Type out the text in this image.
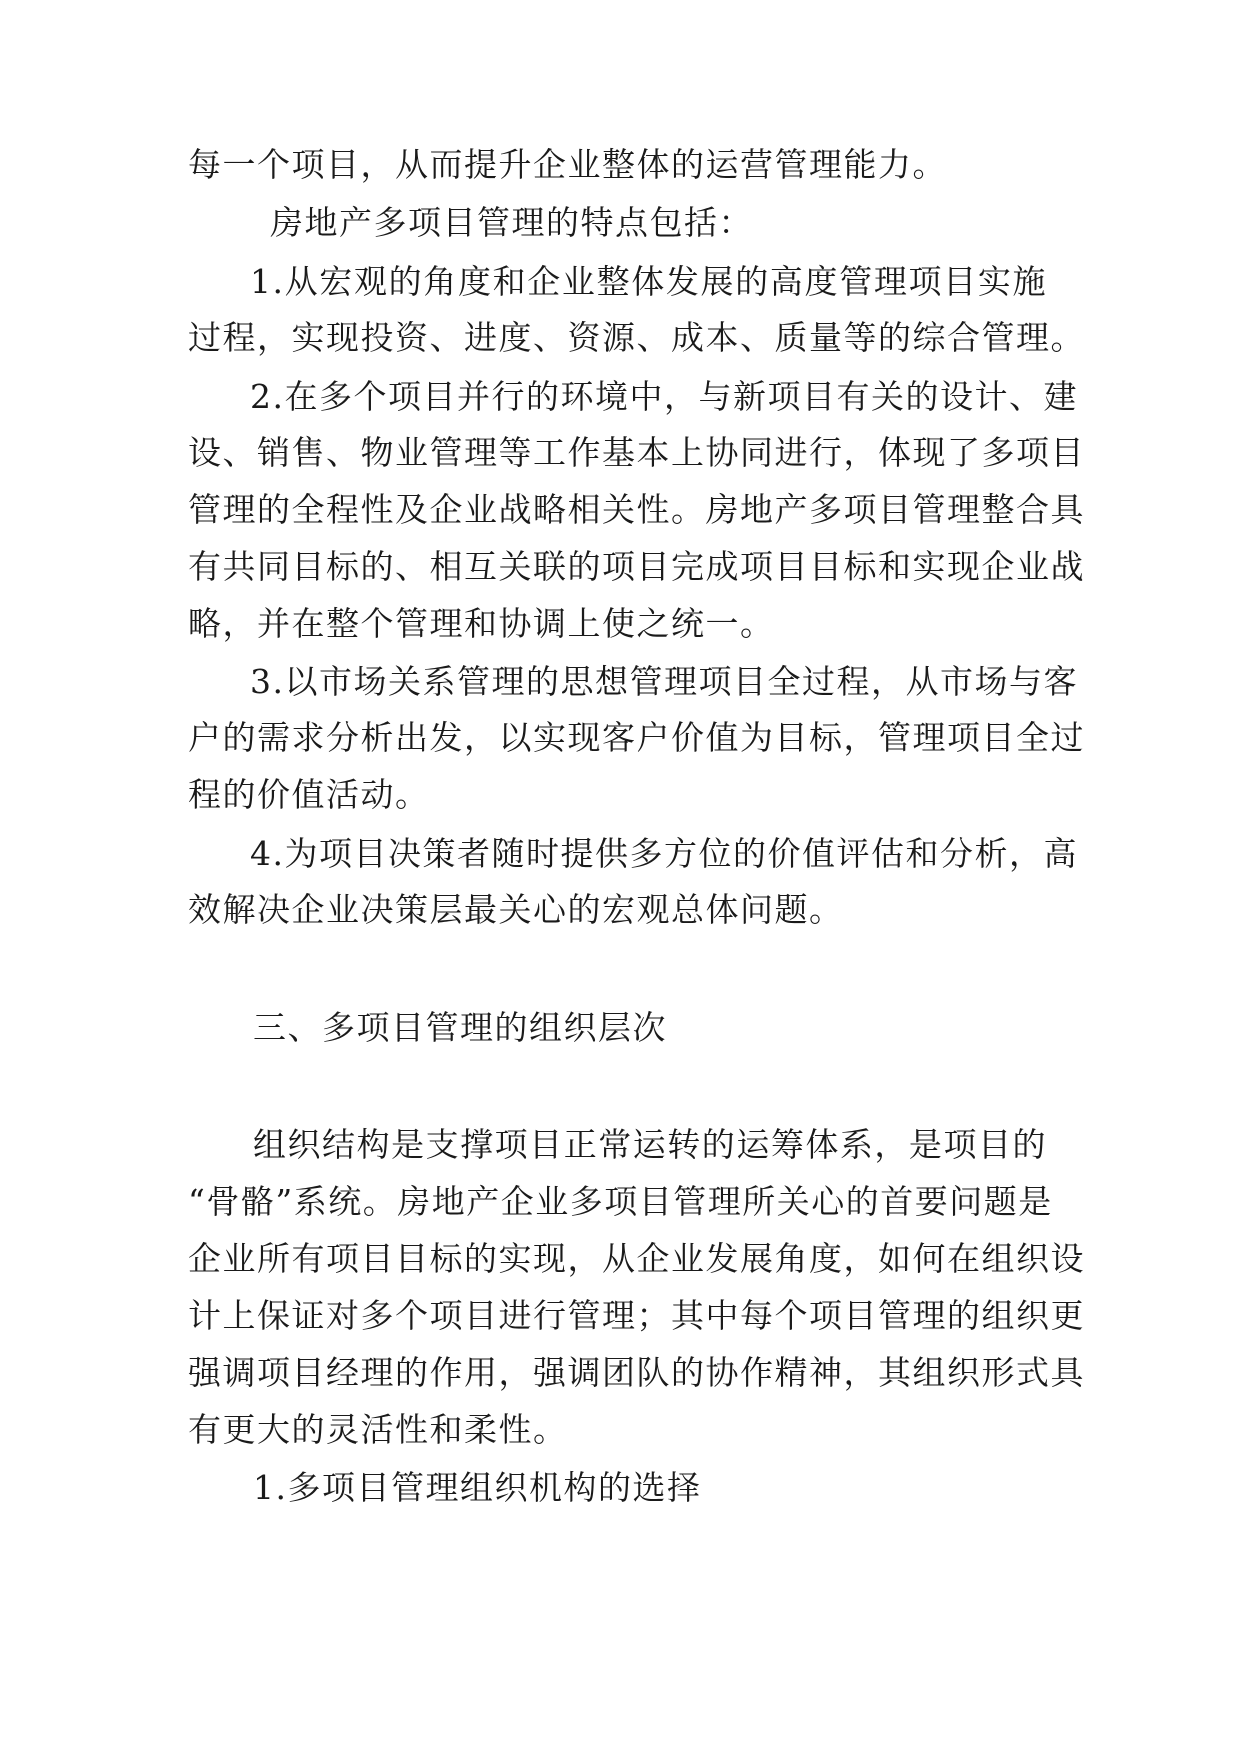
每一个项目，从而提升企业整体的运营管理能力。
房地产多项目管理的特点包括：
1.从宏观的角度和企业整体发展的高度管理项目实施
过程，实现投资、进度、资源、成本、质量等的综合管理。
2.在多个项目并行的环境中，与新项目有关的设计、建
设、销售、物业管理等工作基本上协同进行，体现了多项目
管理的全程性及企业战略相关性。房地产多项目管理整合具
有共同目标的、相互关联的项目完成项目目标和实现企业战
略，并在整个管理和协调上使之统一。
3.以市场关系管理的思想管理项目全过程，从市场与客
户的需求分析出发，以实现客户价值为目标，管理项目全过
程的价值活动。
4.为项目决策者随时提供多方位的价值评估和分析，高
效解决企业决策层最关心的宏观总体问题。
三、多项目管理的组织层次
组织结构是支撑项目正常运转的运筹体系，是项目的
“骨骼”系统。房地产企业多项目管理所关心的首要问题是
企业所有项目目标的实现，从企业发展角度，如何在组织设
计上保证对多个项目进行管理；其中每个项目管理的组织更
强调项目经理的作用，强调团队的协作精神，其组织形式具
有更大的灵活性和柔性。
1.多项目管理组织机构的选择
